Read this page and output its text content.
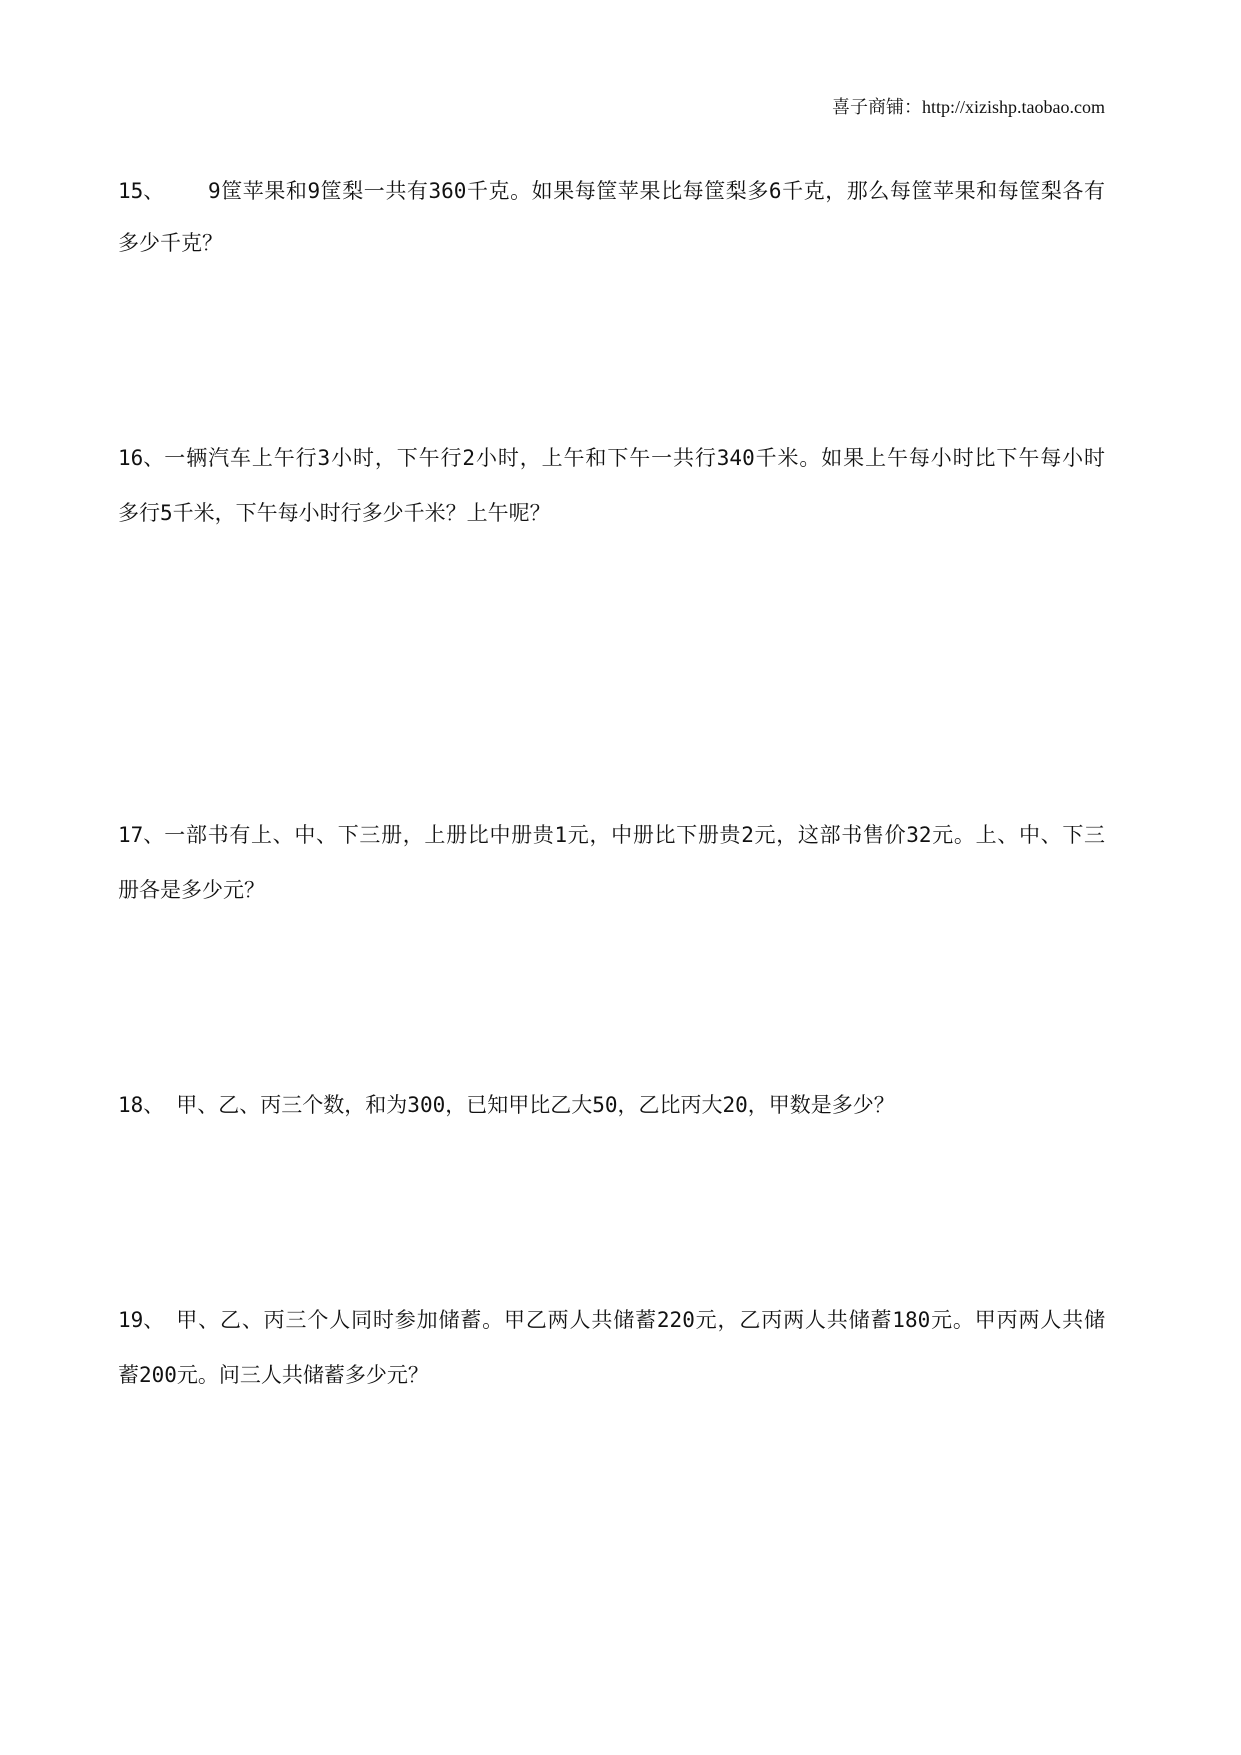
喜子商铺：http://xizishp.taobao.com
15、	9筐苹果和9筐梨一共有360千克。如果每筐苹果比每筐梨多6千克，那么每筐苹果和每筐梨各有
多少千克？
16、 一辆汽车上午行3小时，下午行2小时，上午和下午一共行340千米。如果上午每小时比下午每小时
多行5千米，下午每小时行多少千米？上午呢？
17、 一部书有上、中、下三册，上册比中册贵1元，中册比下册贵2元，这部书售价32元。上、中、下三
册各是多少元？
18、 甲、乙、丙三个数，和为300，已知甲比乙大50，乙比丙大20，甲数是多少？
19、 甲、乙、丙三个人同时参加储蓄。甲乙两人共储蓄220元，乙丙两人共储蓄180元。甲丙两人共储
蓄200元。问三人共储蓄多少元？
